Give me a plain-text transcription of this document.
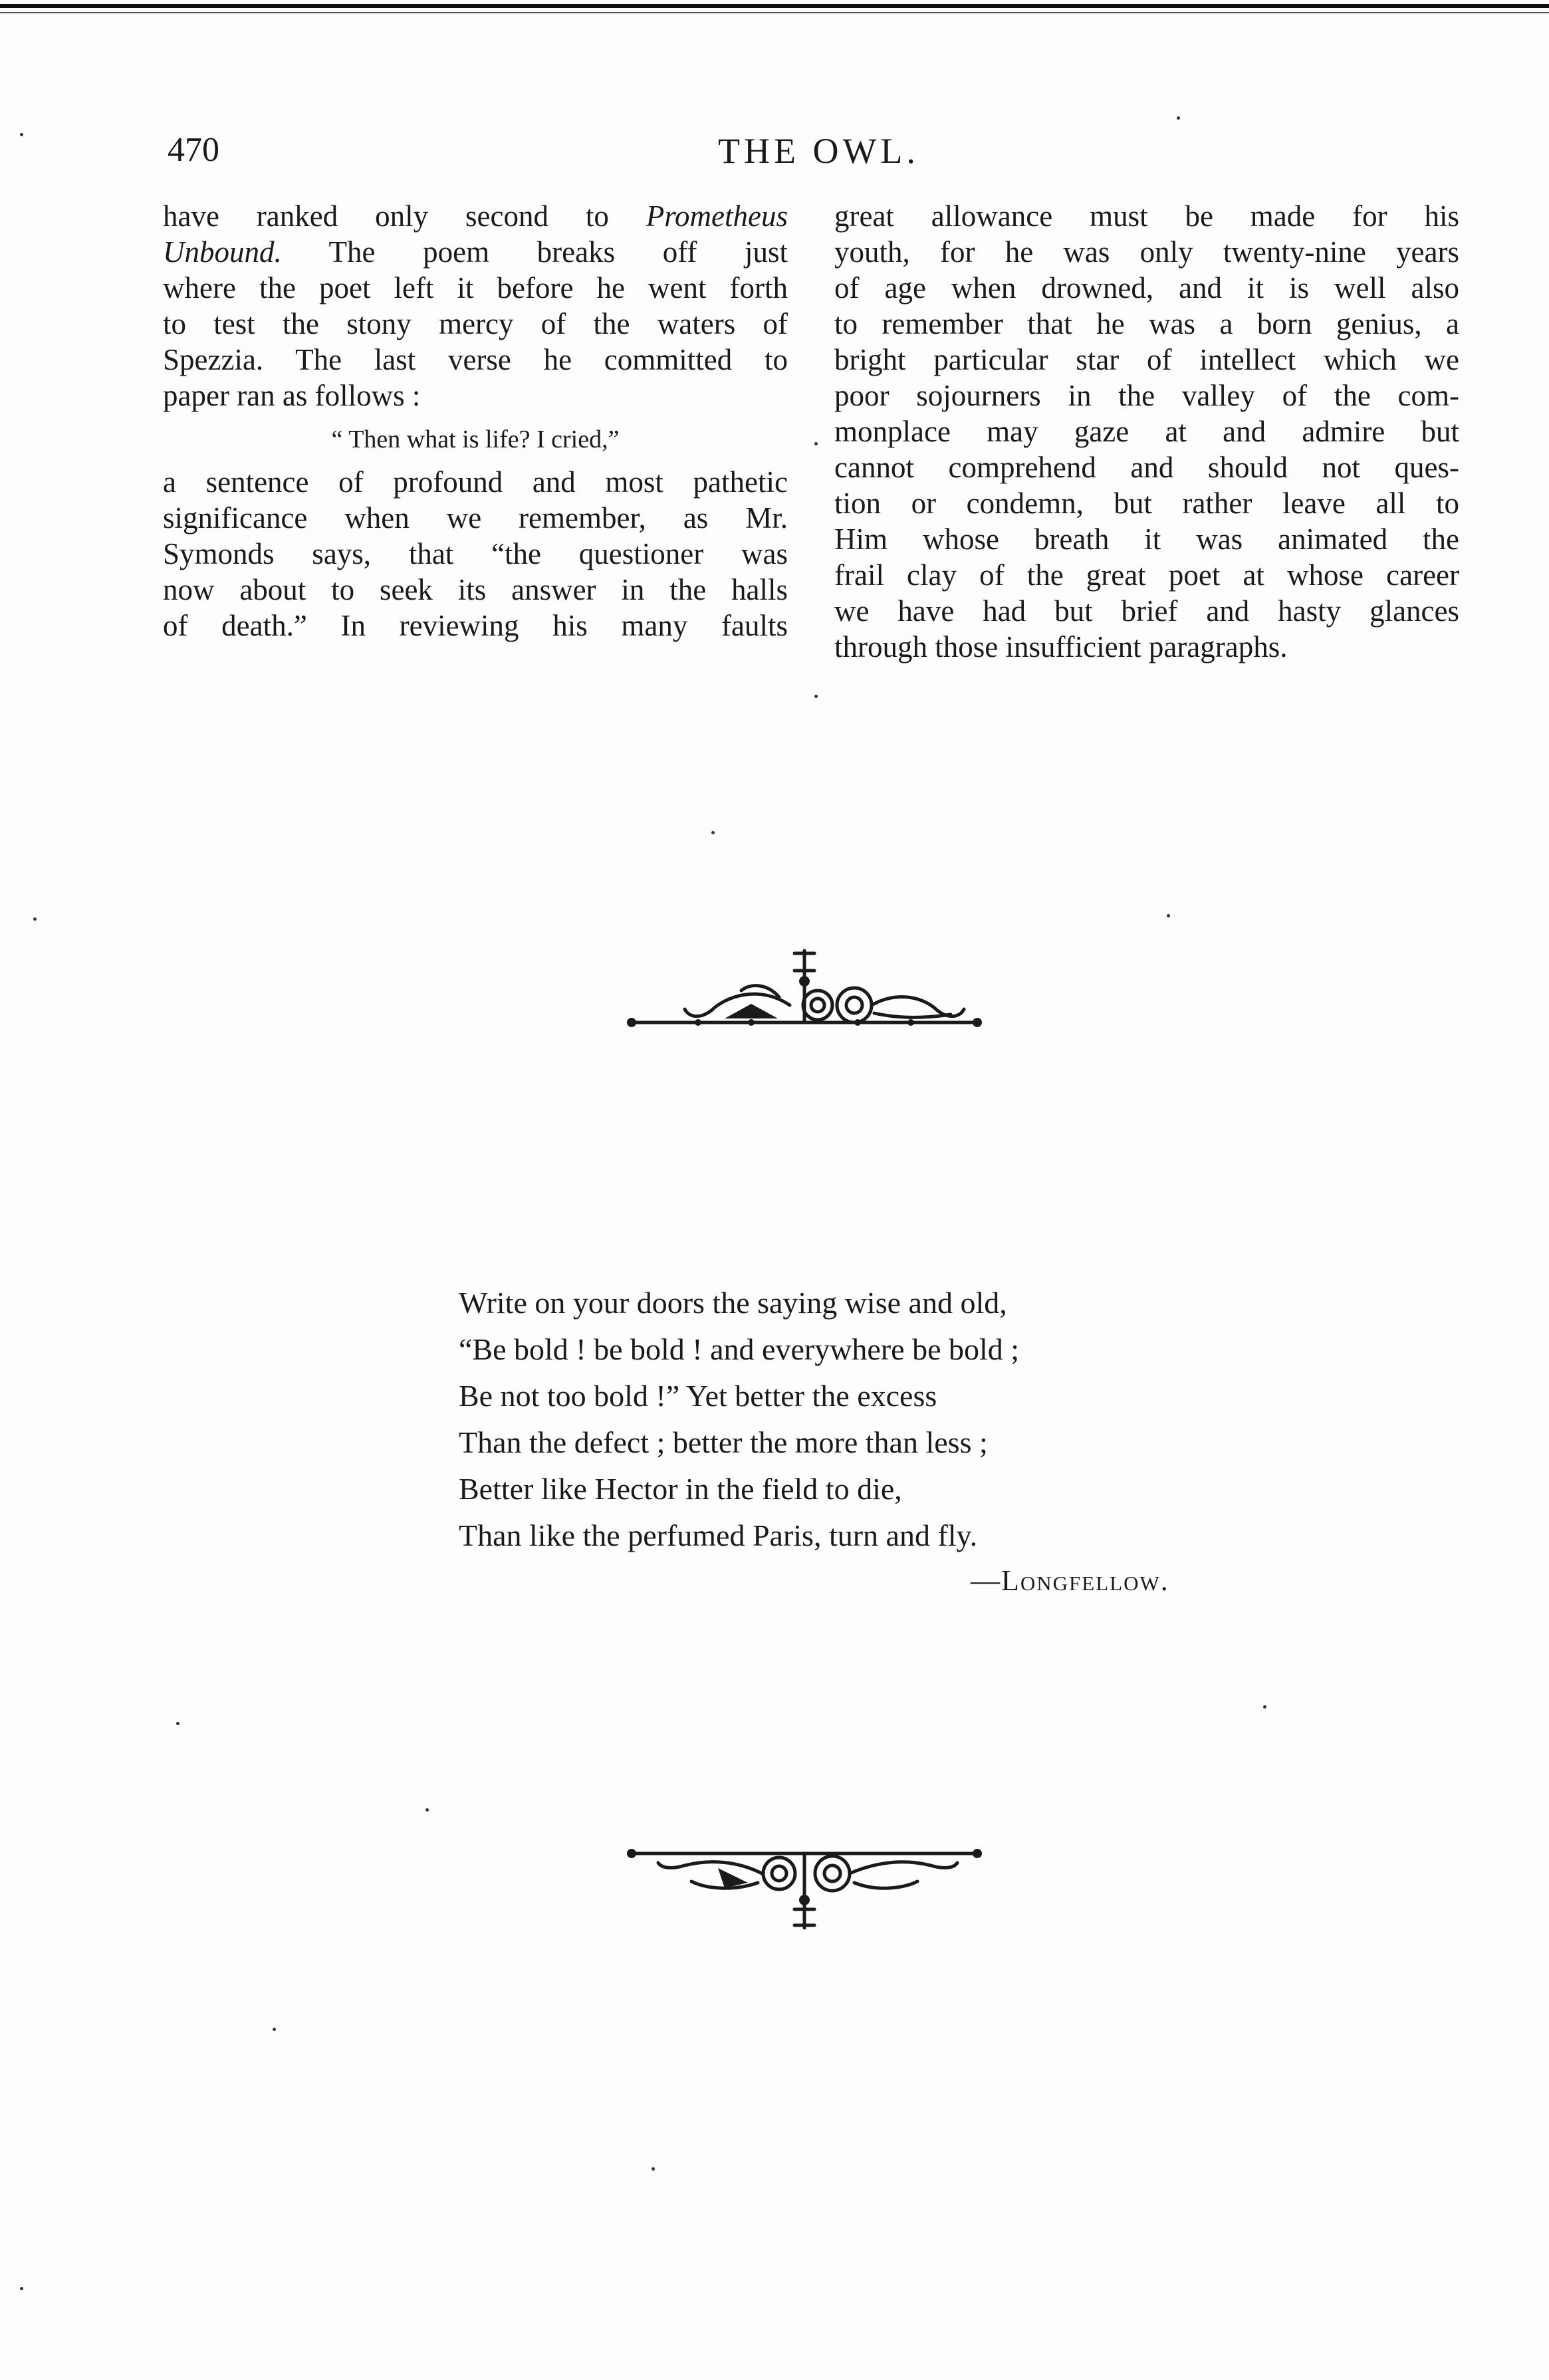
470	THE OWL.

have ranked only second to Prometheus

Unbound. The poem breaks off just

where the poet left it before he went forth

to test the stony mercy of the waters of

Spezzia. The last verse he committed to

paper ran as follows :

“ Then what is life? I cried,”

a sentence of profound and most pathetic

significance when we remember, as Mr.

Symonds says, that “the questioner was

now about to seek its answer in the halls

of death.” In reviewing his many faults

great allowance must be made for his

youth, for he was only twenty-nine years

of age when drowned, and it is well also

to remember that he was a born genius, a

bright particular star of intellect which we

poor sojourners in the valley of the com-

monplace may gaze at and admire but

cannot comprehend and should not ques-

tion or condemn, but rather leave all to

Him whose breath it was animated the

frail clay of the great poet at whose career

we have had but brief and hasty glances

through those insufficient paragraphs.

Write on your doors the saying wise and old,
“Be bold ! be bold ! and everywhere be bold ;
Be not too bold !” Yet better the excess
Than the defect ; better the more than less ;
Better like Hector in the field to die,
Than like the perfumed Paris, turn and fly.
—Longfellow.
